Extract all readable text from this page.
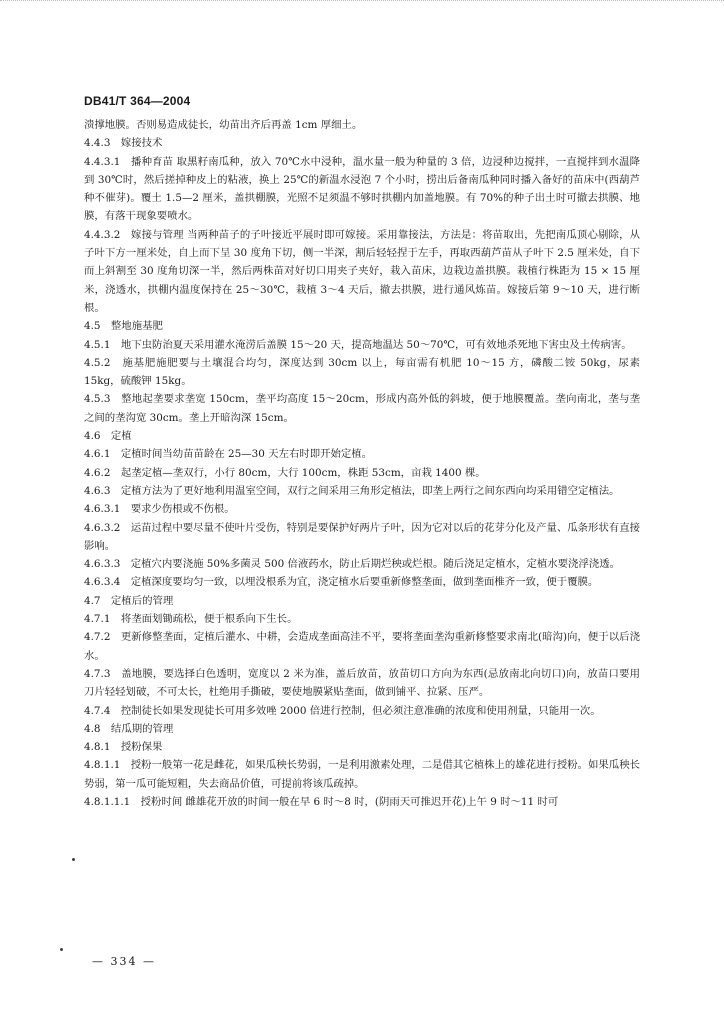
DB41/T 364—2004

溃撑地膜。否则易造成徒长，幼苗出齐后再盖 1cm 厚细土。

4.4.3　嫁接技术

4.4.3.1　播种育苗 取黑籽南瓜种，放入 70℃水中浸种，温水量一般为种量的 3 倍，边浸种边搅拌，一直搅拌到水温降到 30℃时，然后搓掉种皮上的粘液，换上 25℃的新温水浸泡 7 个小时，捞出后备南瓜种同时播入备好的苗床中(西葫芦种不催芽)。覆土 1.5—2 厘米，盖拱棚膜，光照不足须温不够时拱棚内加盖地膜。有 70%的种子出土时可撤去拱膜、地膜，有落干现象要喷水。

4.4.3.2　嫁接与管理 当两种苗子的子叶接近平展时即可嫁接。采用靠接法，方法是：将苗取出，先把南瓜顶心剔除，从子叶下方一厘米处，自上而下呈 30 度角下切，侧一半深，割后轻轻捏于左手，再取西葫芦苗从子叶下 2.5 厘米处，自下而上斜割至 30 度角切深一半，然后两株苗对好切口用夹子夹好，栽入苗床，边栽边盖拱膜。栽植行株距为 15 × 15 厘米，浇透水，拱棚内温度保持在 25～30℃，栽植 3～4 天后，撤去拱膜，进行通风炼苗。嫁接后第 9～10 天，进行断根。

4.5　整地施基肥

4.5.1　地下虫防治夏天采用灌水淹涝后盖膜 15～20 天，提高地温达 50～70℃，可有效地杀死地下害虫及土传病害。

4.5.2　施基肥施肥要与土壤混合均匀，深度达到 30cm 以上，每亩需有机肥 10～15 方，磷酸二铵 50kg，尿素 15kg，硫酸钾 15kg。

4.5.3　整地起垄要求垄宽 150cm，垄平均高度 15～20cm，形成内高外低的斜坡，便于地膜覆盖。垄向南北，垄与垄之间的垄沟宽 30cm。垄上开暗沟深 15cm。

4.6　定植

4.6.1　定植时间当幼苗苗龄在 25—30 天左右时即开始定植。

4.6.2　起垄定植—垄双行，小行 80cm，大行 100cm，株距 53cm，亩栽 1400 棵。

4.6.3　定植方法为了更好地利用温室空间，双行之间采用三角形定植法，即垄上两行之间东西向均采用错空定植法。

4.6.3.1　要求少伤根或不伤根。

4.6.3.2　运苗过程中要尽量不使叶片受伤，特别是要保护好两片子叶，因为它对以后的花芽分化及产量、瓜条形状有直接影响。

4.6.3.3　定植穴内要浇施 50%多菌灵 500 倍液药水，防止后期烂秧或烂根。随后浇足定植水，定植水要浇浮浇透。

4.6.3.4　定植深度要均匀一致，以埋没根系为宜，浇定植水后要重新修整垄面，做到垄面椎齐一致，便于覆膜。

4.7　定植后的管理

4.7.1　将垄面划锄疏松，便于根系向下生长。

4.7.2　更新修整垄面，定植后灌水、中耕，会造成垄面高洼不平，要将垄面垄沟重新修整要求南北(暗沟)向，便于以后浇水。

4.7.3　盖地膜，要选择白色透明，宽度以 2 米为准，盖后放苗，放苗切口方向为东西(忌放南北向切口)向，放苗口要用刀片轻轻划破，不可太长，杜绝用手撕破，要使地膜紧贴垄面，做到铺平、拉紧、压严。

4.7.4　控制徒长如果发现徒长可用多效唑 2000 倍进行控制，但必须注意准确的浓度和使用剂量，只能用一次。

4.8　结瓜期的管理

4.8.1　授粉保果

4.8.1.1　授粉一般第一花是雌花，如果瓜秧长势弱，一是利用激素处理，二是借其它植株上的雄花进行授粉。如果瓜秧长势弱，第一瓜可能短粗，失去商品价值，可提前将该瓜疏掉。

4.8.1.1.1　授粉时间 雌雄花开放的时间一般在早 6 时～8 时，(阴雨天可推迟开花)上午 9 时～11 时可

— 334 —
